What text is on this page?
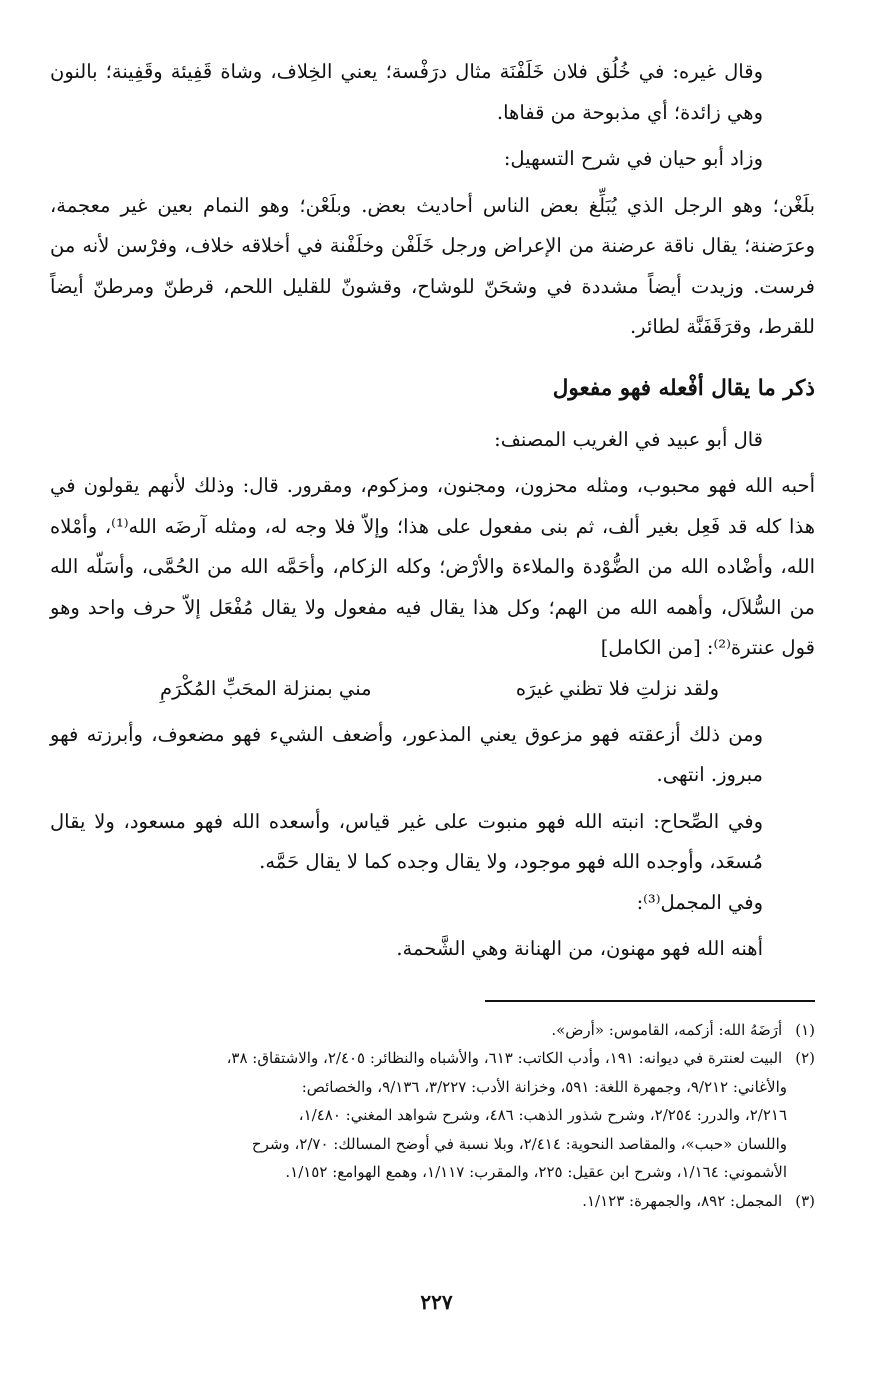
وقال غيره: في خُلُق فلان خَلَفْنَة مثال درَفْسة؛ يعني الخِلاف، وشاة قَفِيئة وقَفِينة؛ بالنون وهي زائدة؛ أي مذبوحة من قفاها.

وزاد أبو حيان في شرح التسهيل:

بلَغْن؛ وهو الرجل الذي يُبَلِّغ بعض الناس أحاديث بعض. وبلَعْن؛ وهو النمام بعين غير معجمة، وعرَضنة؛ يقال ناقة عرضنة من الإعراض ورجل خَلَفْن وخلَفْنة في أخلاقه خلاف، وفرْسن لأنه من فرست. وزيدت أيضاً مشددة في وشحَنّ للوشاح، وقشونّ للقليل اللحم، قرطنّ ومرطنّ أيضاً للقرط، وقرَقَفَنَّة لطائر.

ذكر ما يقال أفْعله فهو مفعول

قال أبو عبيد في الغريب المصنف:

أحبه الله فهو محبوب، ومثله محزون، ومجنون، ومزكوم، ومقرور. قال: وذلك لأنهم يقولون في هذا كله قد فَعِل بغير ألف، ثم بنى مفعول على هذا؛ وإلاّ فلا وجه له، ومثله آرضَه الله⁽¹⁾، وأمْلاه الله، وأضْاده الله من الضُّوْدة والملاءة والأرْض؛ وكله الزكام، وأحَمَّه الله من الحُمَّى، وأسَلّه الله من السُّلاَل، وأهمه الله من الهم؛ وكل هذا يقال فيه مفعول ولا يقال مُفْعَل إلاّ حرف واحد وهو قول عنترة⁽²⁾: [من الكامل]

ولقد نزلتِ فلا تظني غيرَه
مني بمنزلة المحَبِّ المُكْرَمِ

ومن ذلك أزعقته فهو مزعوق يعني المذعور، وأضعف الشيء فهو مضعوف، وأبرزته فهو مبروز. انتهى.

وفي الصِّحاح: انبته الله فهو منبوت على غير قياس، وأسعده الله فهو مسعود، ولا يقال مُسعَد، وأوجده الله فهو موجود، ولا يقال وجده كما لا يقال حَمَّه.

وفي المجمل⁽³⁾:

أهنه الله فهو مهنون، من الهنانة وهي الشَّحمة.

(١) أرَضَهُ الله: أزكمه، القاموس: «أرض».

(٢) البيت لعنترة في ديوانه: ١٩١، وأدب الكاتب: ٦١٣، والأشباه والنظائر: ٢/٤٠٥، والاشتقاق: ٣٨،

والأغاني: ٩/٢١٢، وجمهرة اللغة: ٥٩١، وخزانة الأدب: ٣/٢٢٧، ٩/١٣٦، والخصائص:

٢/٢١٦، والدرر: ٢/٢٥٤، وشرح شذور الذهب: ٤٨٦، وشرح شواهد المغني: ١/٤٨٠،

واللسان «حبب»، والمقاصد النحوية: ٢/٤١٤، وبلا نسبة في أوضح المسالك: ٢/٧٠، وشرح

الأشموني: ١/١٦٤، وشرح ابن عقيل: ٢٢٥، والمقرب: ١/١١٧، وهمع الهوامع: ١/١٥٢.

(٣) المجمل: ٨٩٢، والجمهرة: ١/١٢٣.

٢٢٧
